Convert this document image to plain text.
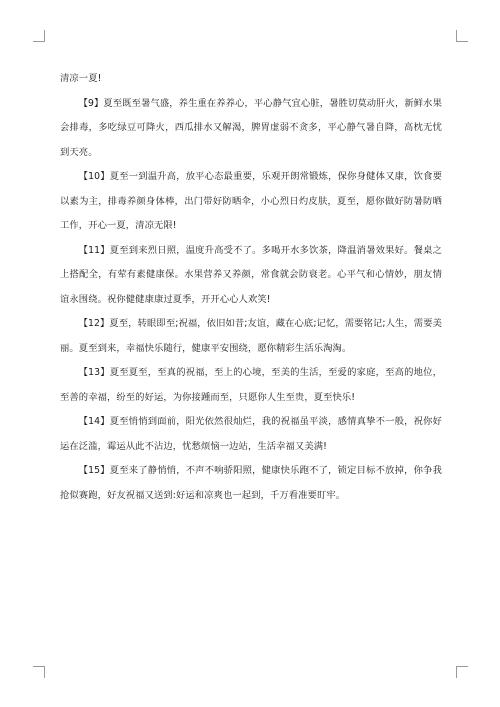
清凉一夏!

【9】夏至既至暑气盛，养生重在养养心，平心静气宜心脏，暑胜切莫动肝火，新鲜水果会排毒，多吃绿豆可降火，西瓜排水又解渴，脾胃虚弱不贪多，平心静气暑自降，高枕无忧到天亮。

【10】夏至一到温升高，放平心态最重要，乐观开朗常锻炼，保你身健体又康，饮食要以素为主，排毒养颜身体棒，出门带好防晒伞，小心烈日灼皮肤，夏至，愿你做好防暑防晒工作，开心一夏，清凉无限!

【11】夏至到来烈日照，温度升高受不了。多喝开水多饮茶，降温消暑效果好。餐桌之上搭配全，有荤有素健康保。水果营养又养颜，常食就会防衰老。心平气和心情妙，朋友情谊永围绕。祝你健健康康过夏季，开开心心人欢笑!

【12】夏至，转眼即至;祝福，依旧如昔;友谊，藏在心底;记忆，需要铭记;人生，需要美丽。夏至到来，幸福快乐随行，健康平安围绕，愿你精彩生活乐淘淘。

【13】夏至夏至，至真的祝福，至上的心境，至美的生活，至爱的家庭，至高的地位，至善的幸福，纷至的好运，为你接踵而至，只愿你人生至贵，夏至快乐!

【14】夏至悄悄到面前，阳光依然很灿烂，我的祝福虽平淡，感情真挚不一般，祝你好运在泛滥，霉运从此不沾边，忧愁烦恼一边站，生活幸福又美满!

【15】夏至来了静悄悄，不声不响骄阳照，健康快乐跑不了，锁定目标不放掉，你争我抢似赛跑，好友祝福又送到:好运和凉爽也一起到，千万看准要盯牢。
